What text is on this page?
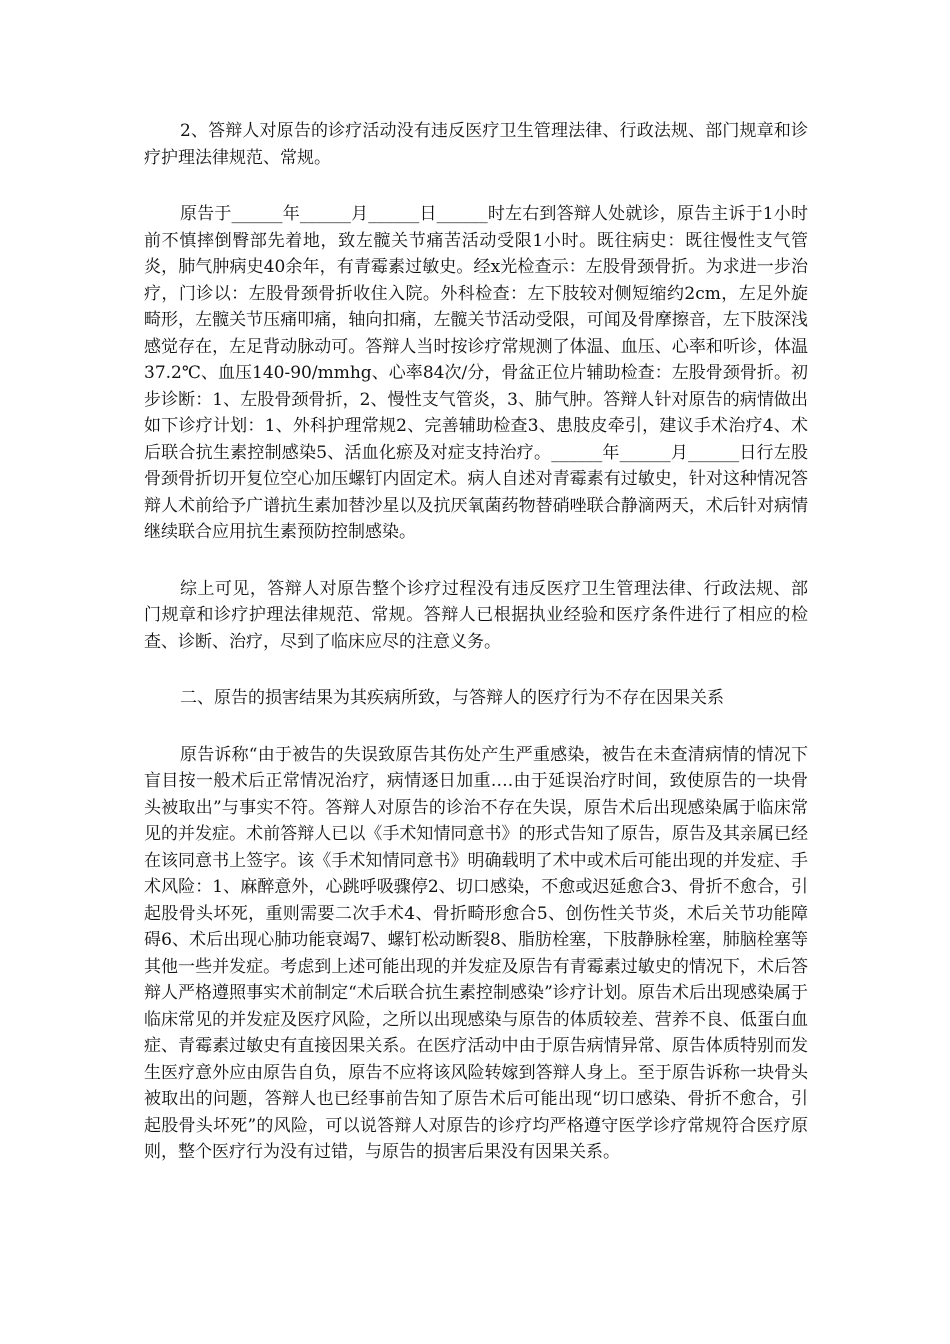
2、答辩人对原告的诊疗活动没有违反医疗卫生管理法律、行政法规、部门规章和诊疗护理法律规范、常规。

原告于______年______月______日______时左右到答辩人处就诊，原告主诉于1小时前不慎摔倒臀部先着地，致左髋关节痛苦活动受限1小时。既往病史：既往慢性支气管炎，肺气肿病史40余年，有青霉素过敏史。经x光检查示：左股骨颈骨折。为求进一步治疗，门诊以：左股骨颈骨折收住入院。外科检查：左下肢较对侧短缩约2cm，左足外旋畸形，左髋关节压痛叩痛，轴向扣痛，左髋关节活动受限，可闻及骨摩擦音，左下肢深浅感觉存在，左足背动脉动可。答辩人当时按诊疗常规测了体温、血压、心率和听诊，体温37.2℃、血压140-90/mmhg、心率84次/分，骨盆正位片辅助检查：左股骨颈骨折。初步诊断：1、左股骨颈骨折，2、慢性支气管炎，3、肺气肿。答辩人针对原告的病情做出如下诊疗计划：1、外科护理常规2、完善辅助检查3、患肢皮牵引，建议手术治疗4、术后联合抗生素控制感染5、活血化瘀及对症支持治疗。______年______月______日行左股骨颈骨折切开复位空心加压螺钉内固定术。病人自述对青霉素有过敏史，针对这种情况答辩人术前给予广谱抗生素加替沙星以及抗厌氧菌药物替硝唑联合静滴两天，术后针对病情继续联合应用抗生素预防控制感染。

综上可见，答辩人对原告整个诊疗过程没有违反医疗卫生管理法律、行政法规、部门规章和诊疗护理法律规范、常规。答辩人已根据执业经验和医疗条件进行了相应的检查、诊断、治疗，尽到了临床应尽的注意义务。

二、原告的损害结果为其疾病所致，与答辩人的医疗行为不存在因果关系

原告诉称“由于被告的失误致原告其伤处产生严重感染，被告在未查清病情的情况下盲目按一般术后正常情况治疗，病情逐日加重….由于延误治疗时间，致使原告的一块骨头被取出”与事实不符。答辩人对原告的诊治不存在失误，原告术后出现感染属于临床常见的并发症。术前答辩人已以《手术知情同意书》的形式告知了原告，原告及其亲属已经在该同意书上签字。该《手术知情同意书》明确载明了术中或术后可能出现的并发症、手术风险：1、麻醉意外，心跳呼吸骤停2、切口感染，不愈或迟延愈合3、骨折不愈合，引起股骨头坏死，重则需要二次手术4、骨折畸形愈合5、创伤性关节炎，术后关节功能障碍6、术后出现心肺功能衰竭7、螺钉松动断裂8、脂肪栓塞，下肢静脉栓塞，肺脑栓塞等其他一些并发症。考虑到上述可能出现的并发症及原告有青霉素过敏史的情况下，术后答辩人严格遵照事实术前制定“术后联合抗生素控制感染”诊疗计划。原告术后出现感染属于临床常见的并发症及医疗风险，之所以出现感染与原告的体质较差、营养不良、低蛋白血症、青霉素过敏史有直接因果关系。在医疗活动中由于原告病情异常、原告体质特别而发生医疗意外应由原告自负，原告不应将该风险转嫁到答辩人身上。至于原告诉称一块骨头被取出的问题，答辩人也已经事前告知了原告术后可能出现“切口感染、骨折不愈合，引起股骨头坏死”的风险，可以说答辩人对原告的诊疗均严格遵守医学诊疗常规符合医疗原则，整个医疗行为没有过错，与原告的损害后果没有因果关系。
